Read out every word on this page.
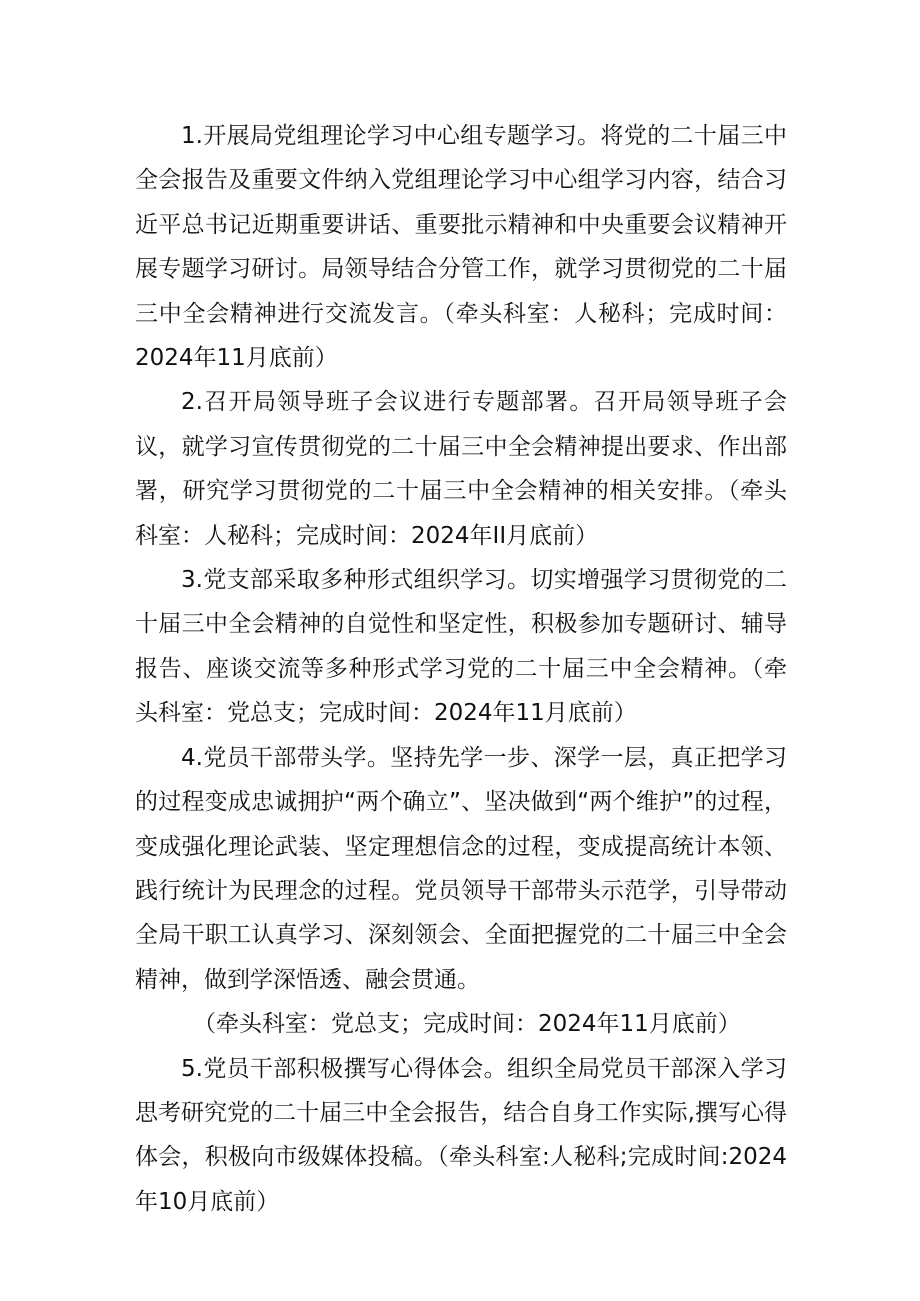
1.开展局党组理论学习中心组专题学习。将党的二十届三中全会报告及重要文件纳入党组理论学习中心组学习内容，结合习近平总书记近期重要讲话、重要批示精神和中央重要会议精神开展专题学习研讨。局领导结合分管工作，就学习贯彻党的二十届三中全会精神进行交流发言。（牵头科室：人秘科；完成时间：2024年11月底前）

2.召开局领导班子会议进行专题部署。召开局领导班子会议，就学习宣传贯彻党的二十届三中全会精神提出要求、作出部署，研究学习贯彻党的二十届三中全会精神的相关安排。（牵头科室：人秘科；完成时间：2024年II月底前）

3.党支部采取多种形式组织学习。切实增强学习贯彻党的二十届三中全会精神的自觉性和坚定性，积极参加专题研讨、辅导报告、座谈交流等多种形式学习党的二十届三中全会精神。（牵头科室：党总支；完成时间：2024年11月底前）

4.党员干部带头学。坚持先学一步、深学一层，真正把学习的过程变成忠诚拥护“两个确立”、坚决做到“两个维护”的过程，变成强化理论武装、坚定理想信念的过程，变成提高统计本领、践行统计为民理念的过程。党员领导干部带头示范学，引导带动全局干职工认真学习、深刻领会、全面把握党的二十届三中全会精神，做到学深悟透、融会贯通。

（牵头科室：党总支；完成时间：2024年11月底前）

5.党员干部积极撰写心得体会。组织全局党员干部深入学习思考研究党的二十届三中全会报告，结合自身工作实际,撰写心得体会，积极向市级媒体投稿。（牵头科室:人秘科;完成时间:2024年10月底前）
